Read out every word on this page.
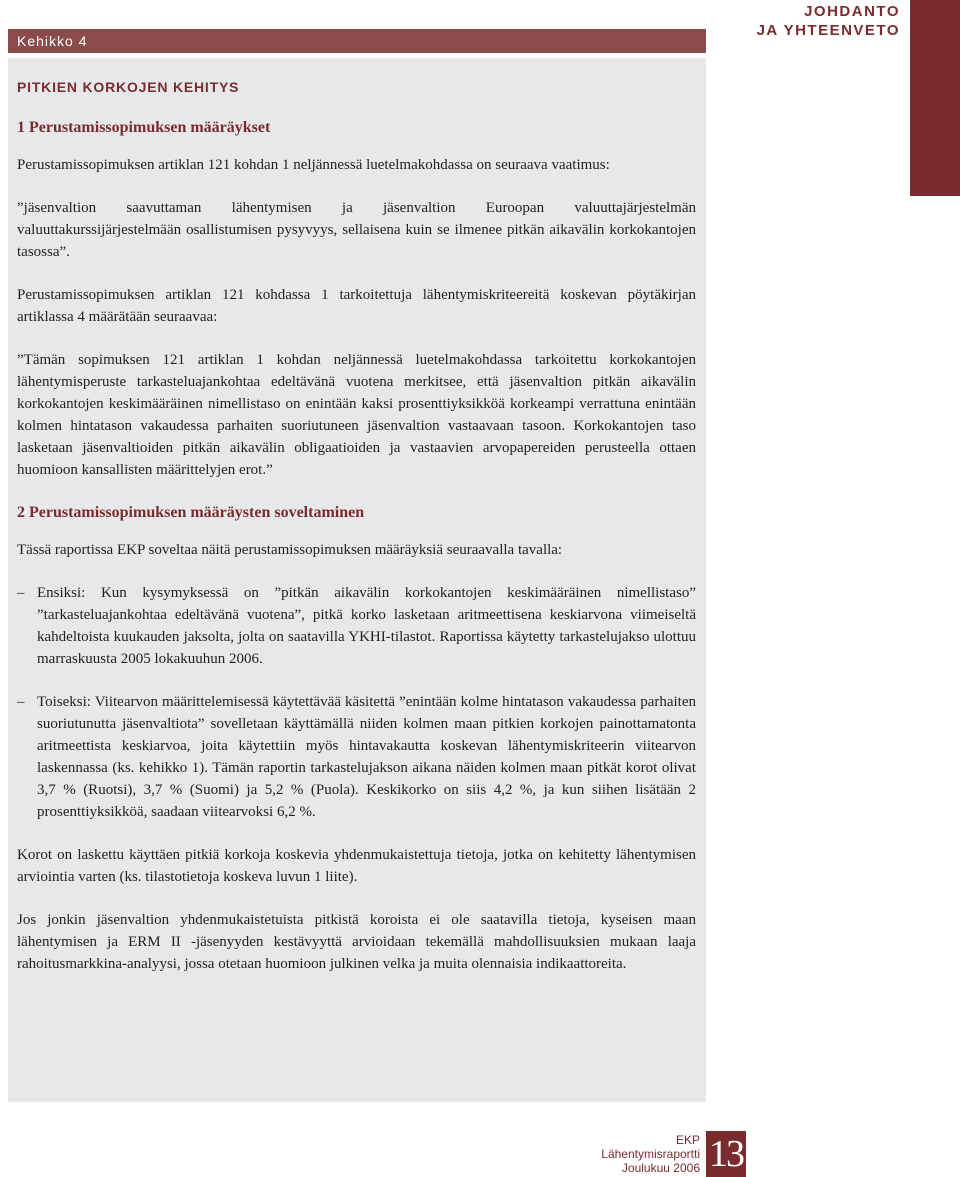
JOHDANTO
JA YHTEENVETO
Kehikko 4
PITKIEN KORKOJEN KEHITYS
1 Perustamissopimuksen määräykset

Perustamissopimuksen artiklan 121 kohdan 1 neljännessä luetelmakohdassa on seuraava vaatimus:

”jäsenvaltion saavuttaman lähentymisen ja jäsenvaltion Euroopan valuuttajärjestelmän valuuttakurssijärjestelmään osallistumisen pysyvyys, sellaisena kuin se ilmenee pitkän aikavälin korkokantojen tasossa”.

Perustamissopimuksen artiklan 121 kohdassa 1 tarkoitettuja lähentymiskriteereitä koskevan pöytäkirjan artiklassa 4 määrätään seuraavaa:

”Tämän sopimuksen 121 artiklan 1 kohdan neljännessä luetelmakohdassa tarkoitettu korkokantojen lähentymisperuste tarkasteluajankohtaa edeltävänä vuotena merkitsee, että jäsenvaltion pitkän aikavälin korkokantojen keskimääräinen nimellistaso on enintään kaksi prosenttiyksikköä korkeampi verrattuna enintään kolmen hintatason vakaudessa parhaiten suoriutuneen jäsenvaltion vastaavaan tasoon. Korkokantojen taso lasketaan jäsenvaltioiden pitkän aikavälin obligaatioiden ja vastaavien arvopapereiden perusteella ottaen huomioon kansallisten määrittelyjen erot.”

2 Perustamissopimuksen määräysten soveltaminen

Tässä raportissa EKP soveltaa näitä perustamissopimuksen määräyksiä seuraavalla tavalla:

– Ensiksi: Kun kysymyksessä on ”pitkän aikavälin korkokantojen keskimääräinen nimellistaso” ”tarkasteluajankohtaa edeltävänä vuotena”, pitkä korko lasketaan aritmeettisena keskiarvona viimeiseltä kahdeltoista kuukauden jaksolta, jolta on saatavilla YKHI-tilastot. Raportissa käytetty tarkastelujakso ulottuu marraskuusta 2005 lokakuuhun 2006.
– Toiseksi: Viitearvon määrittelemisessä käytettävää käsitettä ”enintään kolme hintatason vakaudessa parhaiten suoriutunutta jäsenvaltiota” sovelletaan käyttämällä niiden kolmen maan pitkien korkojen painottamatonta aritmeettista keskiarvoa, joita käytettiin myös hintavakautta koskevan lähentymiskriteerin viitearvon laskennassa (ks. kehikko 1). Tämän raportin tarkastelujakson aikana näiden kolmen maan pitkät korot olivat 3,7 % (Ruotsi), 3,7 % (Suomi) ja 5,2 % (Puola). Keskikorko on siis 4,2 %, ja kun siihen lisätään 2 prosenttiyksikköä, saadaan viitearvoksi 6,2 %.

Korot on laskettu käyttäen pitkiä korkoja koskevia yhdenmukaistettuja tietoja, jotka on kehitetty lähentymisen arviointia varten (ks. tilastotietoja koskeva luvun 1 liite).

Jos jonkin jäsenvaltion yhdenmukaistetuista pitkistä koroista ei ole saatavilla tietoja, kyseisen maan lähentymisen ja ERM II -jäsenyyden kestävyyttä arvioidaan tekemällä mahdollisuuksien mukaan laaja rahoitusmarkkina-analyysi, jossa otetaan huomioon julkinen velka ja muita olennaisia indikaattoreita.

EKP
Lähentymisraportti
Joulukuu 2006 13
